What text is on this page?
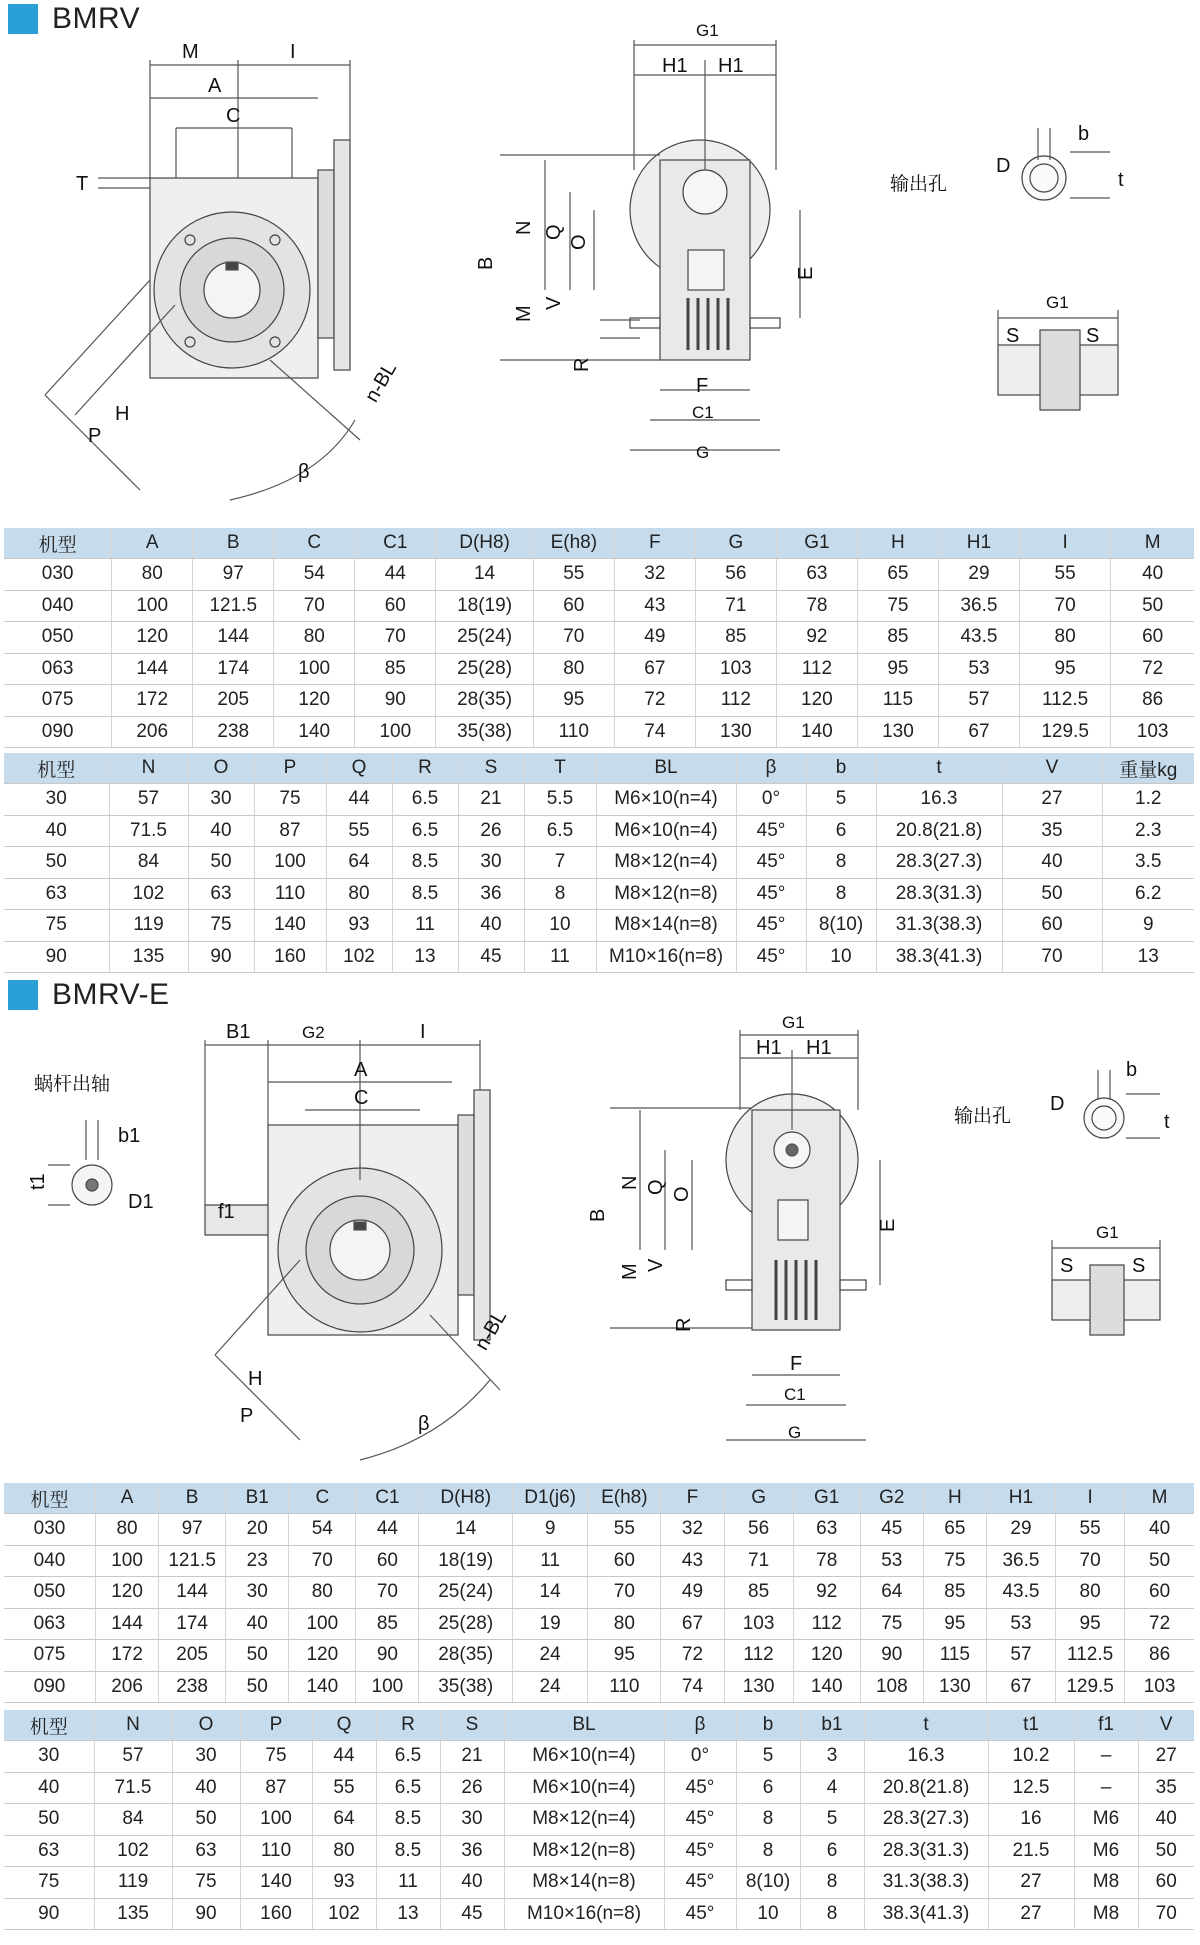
BMRV
M	I
A
C
T
H
P
n-BL
β
G1
H1 H1
B
N Q
O
M
V
R
E
F
C1
G
输出孔
D
b
t
G1
S	S
机型	A	B	C	C1	D(H8)	E(h8)	F	G	G1	H	H1	I	M
030	80	97	54	44	14	55	32	56	63	65	29	55	40
040	100	121.5	70	60	18(19)	60	43	71	78	75	36.5	70	50
050	120	144	80	70	25(24)	70	49	85	92	85	43.5	80	60
063	144	174	100	85	25(28)	80	67	103	112	95	53	95	72
075	172	205	120	90	28(35)	95	72	112	120	115	57	112.5	86
090	206	238	140	100	35(38)	110	74	130	140	130	67	129.5	103
机型	N	O	P	Q	R	S	T	BL	β	b	t	V	重量kg
30	57	30	75	44	6.5	21	5.5	M6×10(n=4)	0°	5	16.3	27	1.2
40	71.5	40	87	55	6.5	26	6.5	M6×10(n=4)	45°	6	20.8(21.8)	35	2.3
50	84	50	100	64	8.5	30	7	M8×12(n=4)	45°	8	28.3(27.3)	40	3.5
63	102	63	110	80	8.5	36	8	M8×12(n=8)	45°	8	28.3(31.3)	50	6.2
75	119	75	140	93	11	40	10	M8×14(n=8)	45°	8(10)	31.3(38.3)	60	9
90	135	90	160	102	13	45	11	M10×16(n=8)	45°	10	38.3(41.3)	70	13
BMRV-E
蜗杆出轴
b1
t1
D1
B1	G2	I
A
C
f1
H
P
n-BL
β
G1
H1 H1
B
N Q O
M V
R
E
F
C1
G
输出孔
D
b
t
G1
S	S
机型	A	B	B1	C	C1	D(H8)	D1(j6)	E(h8)	F	G	G1	G2	H	H1	I	M
030	80	97	20	54	44	14	9	55	32	56	63	45	65	29	55	40
040	100	121.5	23	70	60	18(19)	11	60	43	71	78	53	75	36.5	70	50
050	120	144	30	80	70	25(24)	14	70	49	85	92	64	85	43.5	80	60
063	144	174	40	100	85	25(28)	19	80	67	103	112	75	95	53	95	72
075	172	205	50	120	90	28(35)	24	95	72	112	120	90	115	57	112.5	86
090	206	238	50	140	100	35(38)	24	110	74	130	140	108	130	67	129.5	103
机型	N	O	P	Q	R	S	BL	β	b	b1	t	t1	f1	V
30	57	30	75	44	6.5	21	M6×10(n=4)	0°	5	3	16.3	10.2	–	27
40	71.5	40	87	55	6.5	26	M6×10(n=4)	45°	6	4	20.8(21.8)	12.5	–	35
50	84	50	100	64	8.5	30	M8×12(n=4)	45°	8	5	28.3(27.3)	16	M6	40
63	102	63	110	80	8.5	36	M8×12(n=8)	45°	8	6	28.3(31.3)	21.5	M6	50
75	119	75	140	93	11	40	M8×14(n=8)	45°	8(10)	8	31.3(38.3)	27	M8	60
90	135	90	160	102	13	45	M10×16(n=8)	45°	10	8	38.3(41.3)	27	M8	70
